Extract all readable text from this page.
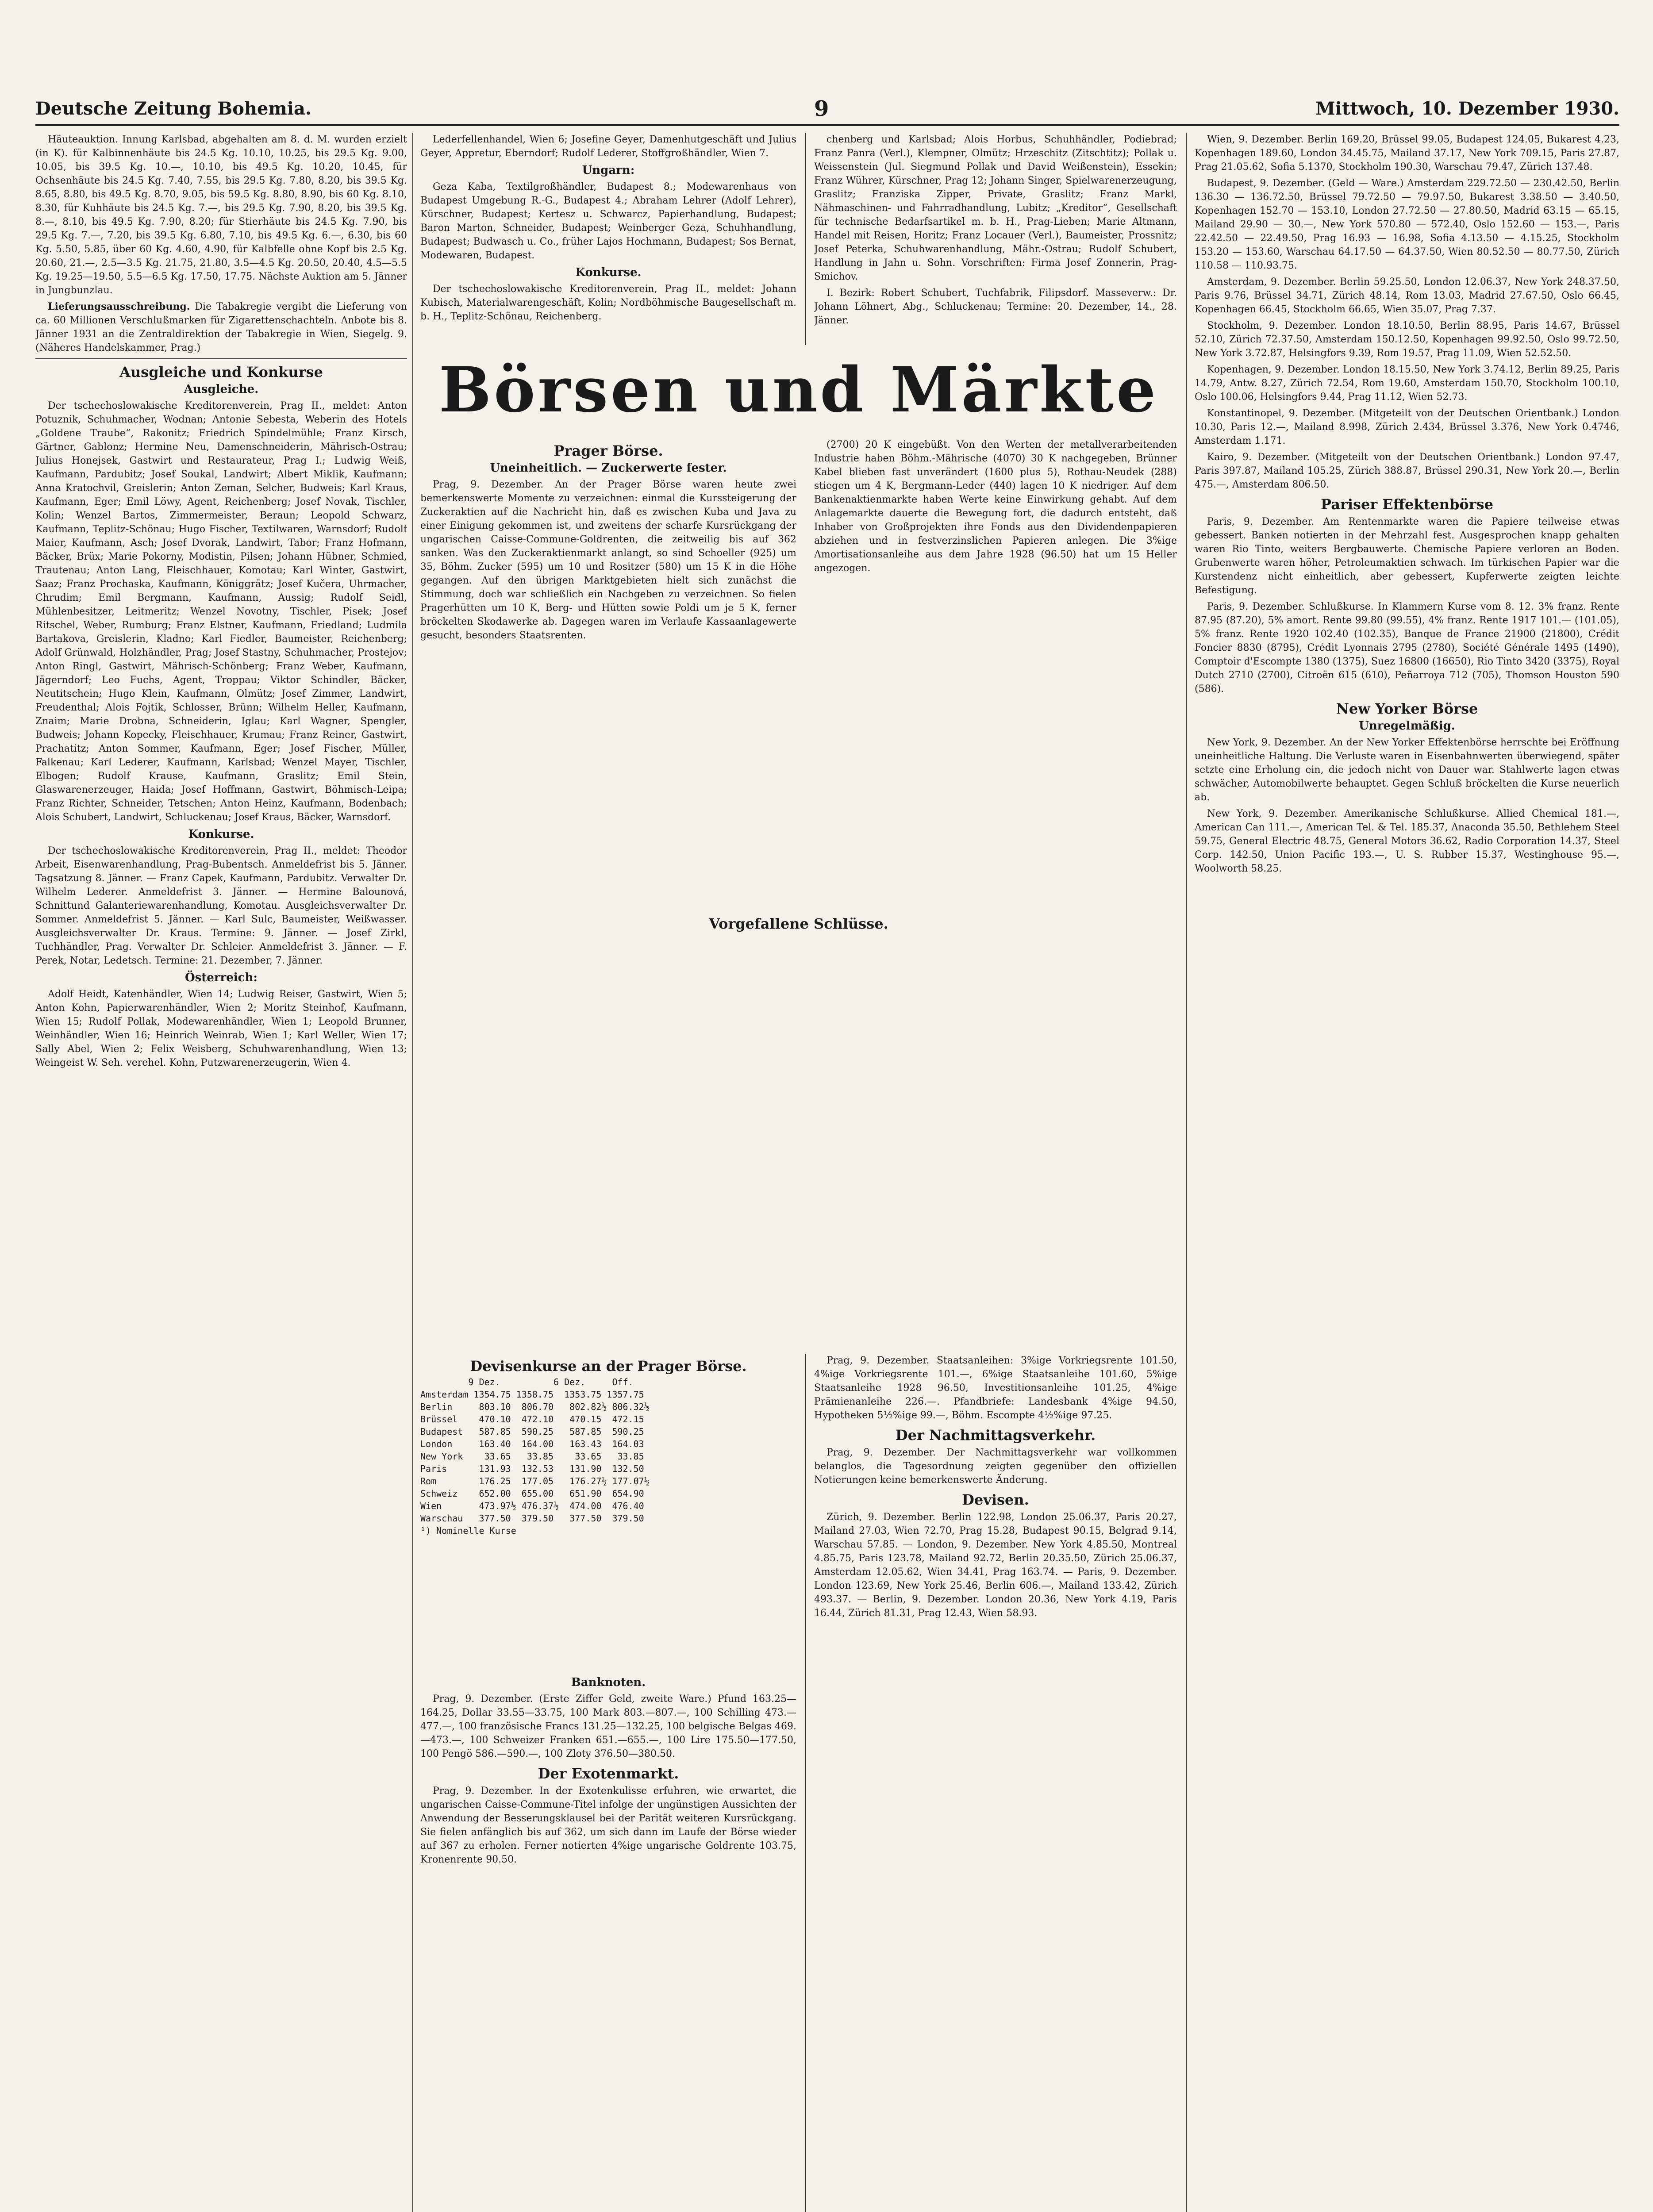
Deutsche Zeitung Bohemia.	9	Mittwoch, 10. Dezember 1930.

Häuteauktion. Innung Karlsbad, abgehalten am 8. d. M. wurden erzielt (in K). für Kalbinnenhäute bis 24.5 Kg. 10.10, 10.25, bis 29.5 Kg. 9.00, 10.05, bis 39.5 Kg. 10.—, 10.10, bis 49.5 Kg. 10.20, 10.45, für Ochsenhäute bis 24.5 Kg. 7.40, 7.55, bis 29.5 Kg. 7.80, 8.20, bis 39.5 Kg. 8.65, 8.80, bis 49.5 Kg. 8.70, 9.05, bis 59.5 Kg. 8.80, 8.90, bis 60 Kg. 8.10, 8.30, für Kuhhäute bis 24.5 Kg. 7.—, bis 29.5 Kg. 7.90, 8.20, bis 39.5 Kg. 8.—, 8.10, bis 49.5 Kg. 7.90, 8.20; für Stierhäute bis 24.5 Kg. 7.90, bis 29.5 Kg. 7.—, 7.20, bis 39.5 Kg. 6.80, 7.10, bis 49.5 Kg. 6.—, 6.30, bis 60 Kg. 5.50, 5.85, über 60 Kg. 4.60, 4.90, für Kalbfelle ohne Kopf bis 2.5 Kg. 20.60, 21.—, 2.5—3.5 Kg. 21.75, 21.80, 3.5—4.5 Kg. 20.50, 20.40, 4.5—5.5 Kg. 19.25—19.50, 5.5—6.5 Kg. 17.50, 17.75. Nächste Auktion am 5. Jänner in Jungbunzlau.

Lieferungsausschreibung. Die Tabakregie vergibt die Lieferung von ca. 60 Millionen Verschlußmarken für Zigarettenschachteln. Anbote bis 8. Jänner 1931 an die Zentraldirektion der Tabakregie in Wien, Siegelg. 9. (Näheres Handelskammer, Prag.)

Ausgleiche und Konkurse
Ausgleiche.

Der tschechoslowakische Kreditorenverein, Prag II., meldet: Anton Potuznik, Schuhmacher, Wodnan; Antonie Sebesta, Weberin des Hotels „Goldene Traube“, Rakonitz; Friedrich Spindelmühle; Franz Kirsch, Gärtner, Gablonz; Hermine Neu, Damenschneiderin, Mährisch-Ostrau; Julius Honejsek, Gastwirt und Restaurateur, Prag I.; Ludwig Weiß, Kaufmann, Pardubitz; Josef Soukal, Landwirt; Albert Miklik, Kaufmann; Anna Kratochvil, Greislerin; Anton Zeman, Selcher, Budweis; Karl Kraus, Kaufmann, Eger; Emil Löwy, Agent, Reichenberg; Josef Novak, Tischler, Kolin; Wenzel Bartos, Zimmermeister, Beraun; Leopold Schwarz, Kaufmann, Teplitz-Schönau; Hugo Fischer, Textilwaren, Warnsdorf; Rudolf Maier, Kaufmann, Asch; Josef Dvorak, Landwirt, Tabor; Franz Hofmann, Bäcker, Brüx; Marie Pokorny, Modistin, Pilsen; Johann Hübner, Schmied, Trautenau; Anton Lang, Fleischhauer, Komotau; Karl Winter, Gastwirt, Saaz; Franz Prochaska, Kaufmann, Königgrätz; Josef Kučera, Uhrmacher, Chrudim; Emil Bergmann, Kaufmann, Aussig; Rudolf Seidl, Mühlenbesitzer, Leitmeritz; Wenzel Novotny, Tischler, Pisek; Josef Ritschel, Weber, Rumburg; Franz Elstner, Kaufmann, Friedland; Ludmila Bartakova, Greislerin, Kladno; Karl Fiedler, Baumeister, Reichenberg; Adolf Grünwald, Holzhändler, Prag; Josef Stastny, Schuhmacher, Prostejov; Anton Ringl, Gastwirt, Mährisch-Schönberg; Franz Weber, Kaufmann, Jägerndorf; Leo Fuchs, Agent, Troppau; Viktor Schindler, Bäcker, Neutitschein; Hugo Klein, Kaufmann, Olmütz; Josef Zimmer, Landwirt, Freudenthal; Alois Fojtik, Schlosser, Brünn; Wilhelm Heller, Kaufmann, Znaim; Marie Drobna, Schneiderin, Iglau; Karl Wagner, Spengler, Budweis; Johann Kopecky, Fleischhauer, Krumau; Franz Reiner, Gastwirt, Prachatitz; Anton Sommer, Kaufmann, Eger; Josef Fischer, Müller, Falkenau; Karl Lederer, Kaufmann, Karlsbad; Wenzel Mayer, Tischler, Elbogen; Rudolf Krause, Kaufmann, Graslitz; Emil Stein, Glaswarenerzeuger, Haida; Josef Hoffmann, Gastwirt, Böhmisch-Leipa; Franz Richter, Schneider, Tetschen; Anton Heinz, Kaufmann, Bodenbach; Alois Schubert, Landwirt, Schluckenau; Josef Kraus, Bäcker, Warnsdorf.

Konkurse.

Der tschechoslowakische Kreditorenverein, Prag II., meldet: Theodor Arbeit, Eisenwarenhandlung, Prag-Bubentsch. Anmeldefrist bis 5. Jänner. Tagsatzung 8. Jänner. — Franz Capek, Kaufmann, Pardubitz. Verwalter Dr. Wilhelm Lederer. Anmeldefrist 3. Jänner. — Hermine Balounová, Schnittund Galanteriewarenhandlung, Komotau. Ausgleichsverwalter Dr. Sommer. Anmeldefrist 5. Jänner. — Karl Sulc, Baumeister, Weißwasser. Ausgleichsverwalter Dr. Kraus. Termine: 9. Jänner. — Josef Zirkl, Tuchhändler, Prag. Verwalter Dr. Schleier. Anmeldefrist 3. Jänner. — F. Perek, Notar, Ledetsch. Termine: 21. Dezember, 7. Jänner.

Österreich:

Adolf Heidt, Katenhändler, Wien 14; Ludwig Reiser, Gastwirt, Wien 5; Anton Kohn, Papierwarenhändler, Wien 2; Moritz Steinhof, Kaufmann, Wien 15; Rudolf Pollak, Modewarenhändler, Wien 1; Leopold Brunner, Weinhändler, Wien 16; Heinrich Weinrab, Wien 1; Karl Weller, Wien 17; Sally Abel, Wien 2; Felix Weisberg, Schuhwarenhandlung, Wien 13; Weingeist W. Seh. verehel. Kohn, Putzwarenerzeugerin, Wien 4.

Lederfellenhandel, Wien 6; Josefine Geyer, Damenhutgeschäft und Julius Geyer, Appretur, Eberndorf; Rudolf Lederer, Stoffgroßhändler, Wien 7.

Ungarn:

Geza Kaba, Textilgroßhändler, Budapest 8.; Modewarenhaus von Budapest Umgebung R.-G., Budapest 4.; Abraham Lehrer (Adolf Lehrer), Kürschner, Budapest; Kertesz u. Schwarcz, Papierhandlung, Budapest; Baron Marton, Schneider, Budapest; Weinberger Geza, Schuhhandlung, Budapest; Budwasch u. Co., früher Lajos Hochmann, Budapest; Sos Bernat, Modewaren, Budapest.

Konkurse.

Der tschechoslowakische Kreditorenverein, Prag II., meldet: Johann Kubisch, Materialwarengeschäft, Kolin; Nordböhmische Baugesellschaft m. b. H., Teplitz-Schönau, Reichenberg.

chenberg und Karlsbad; Alois Horbus, Schuhhändler, Podiebrad; Franz Panra (Verl.), Klempner, Olmütz; Hrzeschitz (Zitschtitz); Pollak u. Weissenstein (Jul. Siegmund Pollak und David Weißenstein), Essekin; Franz Wührer, Kürschner, Prag 12; Johann Singer, Spielwarenerzeugung, Graslitz; Franziska Zipper, Private, Graslitz; Franz Markl, Nähmaschinen- und Fahrradhandlung, Lubitz; „Kreditor“, Gesellschaft für technische Bedarfsartikel m. b. H., Prag-Lieben; Marie Altmann, Handel mit Reisen, Horitz; Franz Locauer (Verl.), Baumeister, Prossnitz; Josef Peterka, Schuhwarenhandlung, Mähr.-Ostrau; Rudolf Schubert, Handlung in Jahn u. Sohn. Vorschriften: Firma Josef Zonnerin, Prag-Smichov.

I. Bezirk: Robert Schubert, Tuchfabrik, Filipsdorf. Masseverw.: Dr. Johann Löhnert, Abg., Schluckenau; Termine: 20. Dezember, 14., 28. Jänner.

Börsen und Märkte
Prager Börse.
Uneinheitlich. — Zuckerwerte fester.

Prag, 9. Dezember. An der Prager Börse waren heute zwei bemerkenswerte Momente zu verzeichnen: einmal die Kurssteigerung der Zuckeraktien auf die Nachricht hin, daß es zwischen Kuba und Java zu einer Einigung gekommen ist, und zweitens der scharfe Kursrückgang der ungarischen Caisse-Commune-Goldrenten, die zeitweilig bis auf 362 sanken. Was den Zuckeraktienmarkt anlangt, so sind Schoeller (925) um 35, Böhm. Zucker (595) um 10 und Rositzer (580) um 15 K in die Höhe gegangen. Auf den übrigen Marktgebieten hielt sich zunächst die Stimmung, doch war schließlich ein Nachgeben zu verzeichnen. So fielen Pragerhütten um 10 K, Berg- und Hütten sowie Poldi um je 5 K, ferner bröckelten Skodawerke ab. Dagegen waren im Verlaufe Kassaanlagewerte gesucht, besonders Staatsrenten.

(2700) 20 K eingebüßt. Von den Werten der metallverarbeitenden Industrie haben Böhm.-Mährische (4070) 30 K nachgegeben, Brünner Kabel blieben fast unverändert (1600 plus 5), Rothau-Neudek (288) stiegen um 4 K, Bergmann-Leder (440) lagen 10 K niedriger. Auf dem Bankenaktienmarkte haben Werte keine Einwirkung gehabt. Auf dem Anlagemarkte dauerte die Bewegung fort, die dadurch entsteht, daß Inhaber von Großprojekten ihre Fonds aus den Dividendenpapieren abziehen und in festverzinslichen Papieren anlegen. Die 3%ige Amortisationsanleihe aus dem Jahre 1928 (96.50) hat um 15 Heller angezogen.

Vorgefallene Schlüsse.
Devisenkurse an der Prager Börse.
9 Dez.          6 Dez.     Off.
Amsterdam 1354.75 1358.75  1353.75 1357.75
Berlin     803.10  806.70   802.82½ 806.32½
Brüssel    470.10  472.10   470.15  472.15
Budapest   587.85  590.25   587.85  590.25
London     163.40  164.00   163.43  164.03
New York    33.65   33.85    33.65   33.85
Paris      131.93  132.53   131.90  132.50
Rom        176.25  177.05   176.27½ 177.07½
Schweiz    652.00  655.00   651.90  654.90
Wien       473.97½ 476.37½  474.00  476.40
Warschau   377.50  379.50   377.50  379.50
¹) Nominelle Kurse
Banknoten.

Prag, 9. Dezember. (Erste Ziffer Geld, zweite Ware.) Pfund 163.25—164.25, Dollar 33.55—33.75, 100 Mark 803.—807.—, 100 Schilling 473.—477.—, 100 französische Francs 131.25—132.25, 100 belgische Belgas 469.—473.—, 100 Schweizer Franken 651.—655.—, 100 Lire 175.50—177.50, 100 Pengö 586.—590.—, 100 Zloty 376.50—380.50.

Der Exotenmarkt.

Prag, 9. Dezember. In der Exotenkulisse erfuhren, wie erwartet, die ungarischen Caisse-Commune-Titel infolge der ungünstigen Aussichten der Anwendung der Besserungsklausel bei der Parität weiteren Kursrückgang. Sie fielen anfänglich bis auf 362, um sich dann im Laufe der Börse wieder auf 367 zu erholen. Ferner notierten 4%ige ungarische Goldrente 103.75, Kronenrente 90.50.

Prag, 9. Dezember. Staatsanleihen: 3%ige Vorkriegsrente 101.50, 4%ige Vorkriegsrente 101.—, 6%ige Staatsanleihe 101.60, 5%ige Staatsanleihe 1928 96.50, Investitionsanleihe 101.25, 4%ige Prämienanleihe 226.—. Pfandbriefe: Landesbank 4%ige 94.50, Hypotheken 5½%ige 99.—, Böhm. Escompte 4½%ige 97.25.

Der Nachmittagsverkehr.

Prag, 9. Dezember. Der Nachmittagsverkehr war vollkommen belanglos, die Tagesordnung zeigten gegenüber den offiziellen Notierungen keine bemerkenswerte Änderung.

Devisen.

Zürich, 9. Dezember. Berlin 122.98, London 25.06.37, Paris 20.27, Mailand 27.03, Wien 72.70, Prag 15.28, Budapest 90.15, Belgrad 9.14, Warschau 57.85. — London, 9. Dezember. New York 4.85.50, Montreal 4.85.75, Paris 123.78, Mailand 92.72, Berlin 20.35.50, Zürich 25.06.37, Amsterdam 12.05.62, Wien 34.41, Prag 163.74. — Paris, 9. Dezember. London 123.69, New York 25.46, Berlin 606.—, Mailand 133.42, Zürich 493.37. — Berlin, 9. Dezember. London 20.36, New York 4.19, Paris 16.44, Zürich 81.31, Prag 12.43, Wien 58.93.

Wien, 9. Dezember. Berlin 169.20, Brüssel 99.05, Budapest 124.05, Bukarest 4.23, Kopenhagen 189.60, London 34.45.75, Mailand 37.17, New York 709.15, Paris 27.87, Prag 21.05.62, Sofia 5.1370, Stockholm 190.30, Warschau 79.47, Zürich 137.48.

Budapest, 9. Dezember. (Geld — Ware.) Amsterdam 229.72.50 — 230.42.50, Berlin 136.30 — 136.72.50, Brüssel 79.72.50 — 79.97.50, Bukarest 3.38.50 — 3.40.50, Kopenhagen 152.70 — 153.10, London 27.72.50 — 27.80.50, Madrid 63.15 — 65.15, Mailand 29.90 — 30.—, New York 570.80 — 572.40, Oslo 152.60 — 153.—, Paris 22.42.50 — 22.49.50, Prag 16.93 — 16.98, Sofia 4.13.50 — 4.15.25, Stockholm 153.20 — 153.60, Warschau 64.17.50 — 64.37.50, Wien 80.52.50 — 80.77.50, Zürich 110.58 — 110.93.75.

Amsterdam, 9. Dezember. Berlin 59.25.50, London 12.06.37, New York 248.37.50, Paris 9.76, Brüssel 34.71, Zürich 48.14, Rom 13.03, Madrid 27.67.50, Oslo 66.45, Kopenhagen 66.45, Stockholm 66.65, Wien 35.07, Prag 7.37.

Stockholm, 9. Dezember. London 18.10.50, Berlin 88.95, Paris 14.67, Brüssel 52.10, Zürich 72.37.50, Amsterdam 150.12.50, Kopenhagen 99.92.50, Oslo 99.72.50, New York 3.72.87, Helsingfors 9.39, Rom 19.57, Prag 11.09, Wien 52.52.50.

Kopenhagen, 9. Dezember. London 18.15.50, New York 3.74.12, Berlin 89.25, Paris 14.79, Antw. 8.27, Zürich 72.54, Rom 19.60, Amsterdam 150.70, Stockholm 100.10, Oslo 100.06, Helsingfors 9.44, Prag 11.12, Wien 52.73.

Konstantinopel, 9. Dezember. (Mitgeteilt von der Deutschen Orientbank.) London 10.30, Paris 12.—, Mailand 8.998, Zürich 2.434, Brüssel 3.376, New York 0.4746, Amsterdam 1.171.

Kairo, 9. Dezember. (Mitgeteilt von der Deutschen Orientbank.) London 97.47, Paris 397.87, Mailand 105.25, Zürich 388.87, Brüssel 290.31, New York 20.—, Berlin 475.—, Amsterdam 806.50.

Pariser Effektenbörse

Paris, 9. Dezember. Am Rentenmarkte waren die Papiere teilweise etwas gebessert. Banken notierten in der Mehrzahl fest. Ausgesprochen knapp gehalten waren Rio Tinto, weiters Bergbauwerte. Chemische Papiere verloren an Boden. Grubenwerte waren höher, Petroleumaktien schwach. Im türkischen Papier war die Kurstendenz nicht einheitlich, aber gebessert, Kupferwerte zeigten leichte Befestigung.

Paris, 9. Dezember. Schlußkurse. In Klammern Kurse vom 8. 12. 3% franz. Rente 87.95 (87.20), 5% amort. Rente 99.80 (99.55), 4% franz. Rente 1917 101.— (101.05), 5% franz. Rente 1920 102.40 (102.35), Banque de France 21900 (21800), Crédit Foncier 8830 (8795), Crédit Lyonnais 2795 (2780), Société Générale 1495 (1490), Comptoir d'Escompte 1380 (1375), Suez 16800 (16650), Rio Tinto 3420 (3375), Royal Dutch 2710 (2700), Citroën 615 (610), Peñarroya 712 (705), Thomson Houston 590 (586).

New Yorker Börse
Unregelmäßig.

New York, 9. Dezember. An der New Yorker Effektenbörse herrschte bei Eröffnung uneinheitliche Haltung. Die Verluste waren in Eisenbahnwerten überwiegend, später setzte eine Erholung ein, die jedoch nicht von Dauer war. Stahlwerte lagen etwas schwächer, Automobilwerte behauptet. Gegen Schluß bröckelten die Kurse neuerlich ab.

New York, 9. Dezember. Amerikanische Schlußkurse. Allied Chemical 181.—, American Can 111.—, American Tel. & Tel. 185.37, Anaconda 35.50, Bethlehem Steel 59.75, General Electric 48.75, General Motors 36.62, Radio Corporation 14.37, Steel Corp. 142.50, Union Pacific 193.—, U. S. Rubber 15.37, Westinghouse 95.—, Woolworth 58.25.
